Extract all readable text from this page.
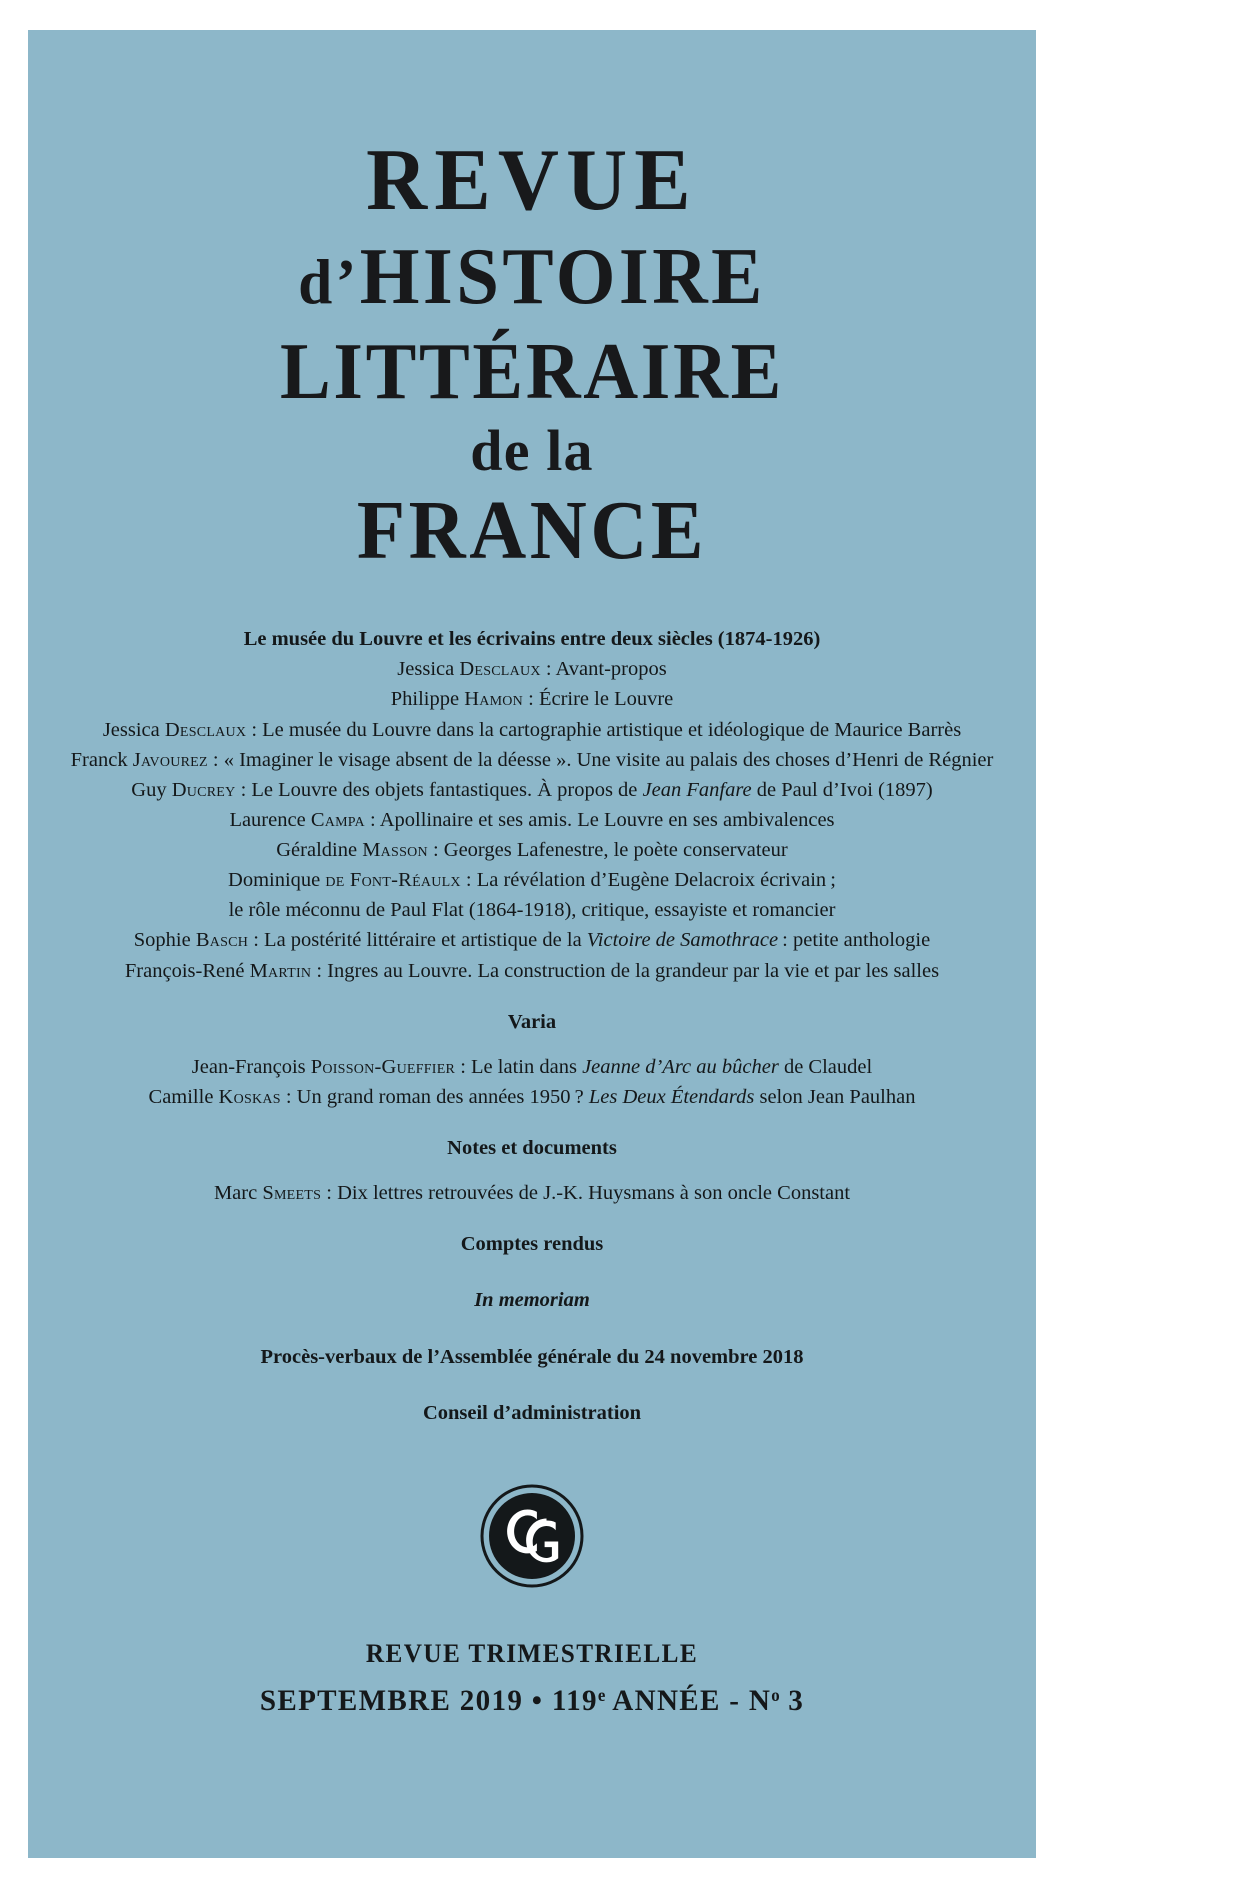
REVUE
d’HISTOIRE
LITTÉRAIRE
de la
FRANCE
Le musée du Louvre et les écrivains entre deux siècles (1874-1926)
Jessica Desclaux : Avant-propos
Philippe Hamon : Écrire le Louvre
Jessica Desclaux : Le musée du Louvre dans la cartographie artistique et idéologique de Maurice Barrès
Franck Javourez : « Imaginer le visage absent de la déesse ». Une visite au palais des choses d’Henri de Régnier
Guy Ducrey : Le Louvre des objets fantastiques. À propos de Jean Fanfare de Paul d’Ivoi (1897)
Laurence Campa : Apollinaire et ses amis. Le Louvre en ses ambivalences
Géraldine Masson : Georges Lafenestre, le poète conservateur
Dominique de Font-Réaulx : La révélation d’Eugène Delacroix écrivain ;
le rôle méconnu de Paul Flat (1864-1918), critique, essayiste et romancier
Sophie Basch : La postérité littéraire et artistique de la Victoire de Samothrace : petite anthologie
François-René Martin : Ingres au Louvre. La construction de la grandeur par la vie et par les salles
Varia
Jean-François Poisson-Gueffier : Le latin dans Jeanne d’Arc au bûcher de Claudel
Camille Koskas : Un grand roman des années 1950 ? Les Deux Étendards selon Jean Paulhan
Notes et documents
Marc Smeets : Dix lettres retrouvées de J.-K. Huysmans à son oncle Constant
Comptes rendus
In memoriam
Procès-verbaux de l’Assemblée générale du 24 novembre 2018
Conseil d’administration
REVUE TRIMESTRIELLE
SEPTEMBRE 2019 • 119e ANNÉE - $N^o$ 3
